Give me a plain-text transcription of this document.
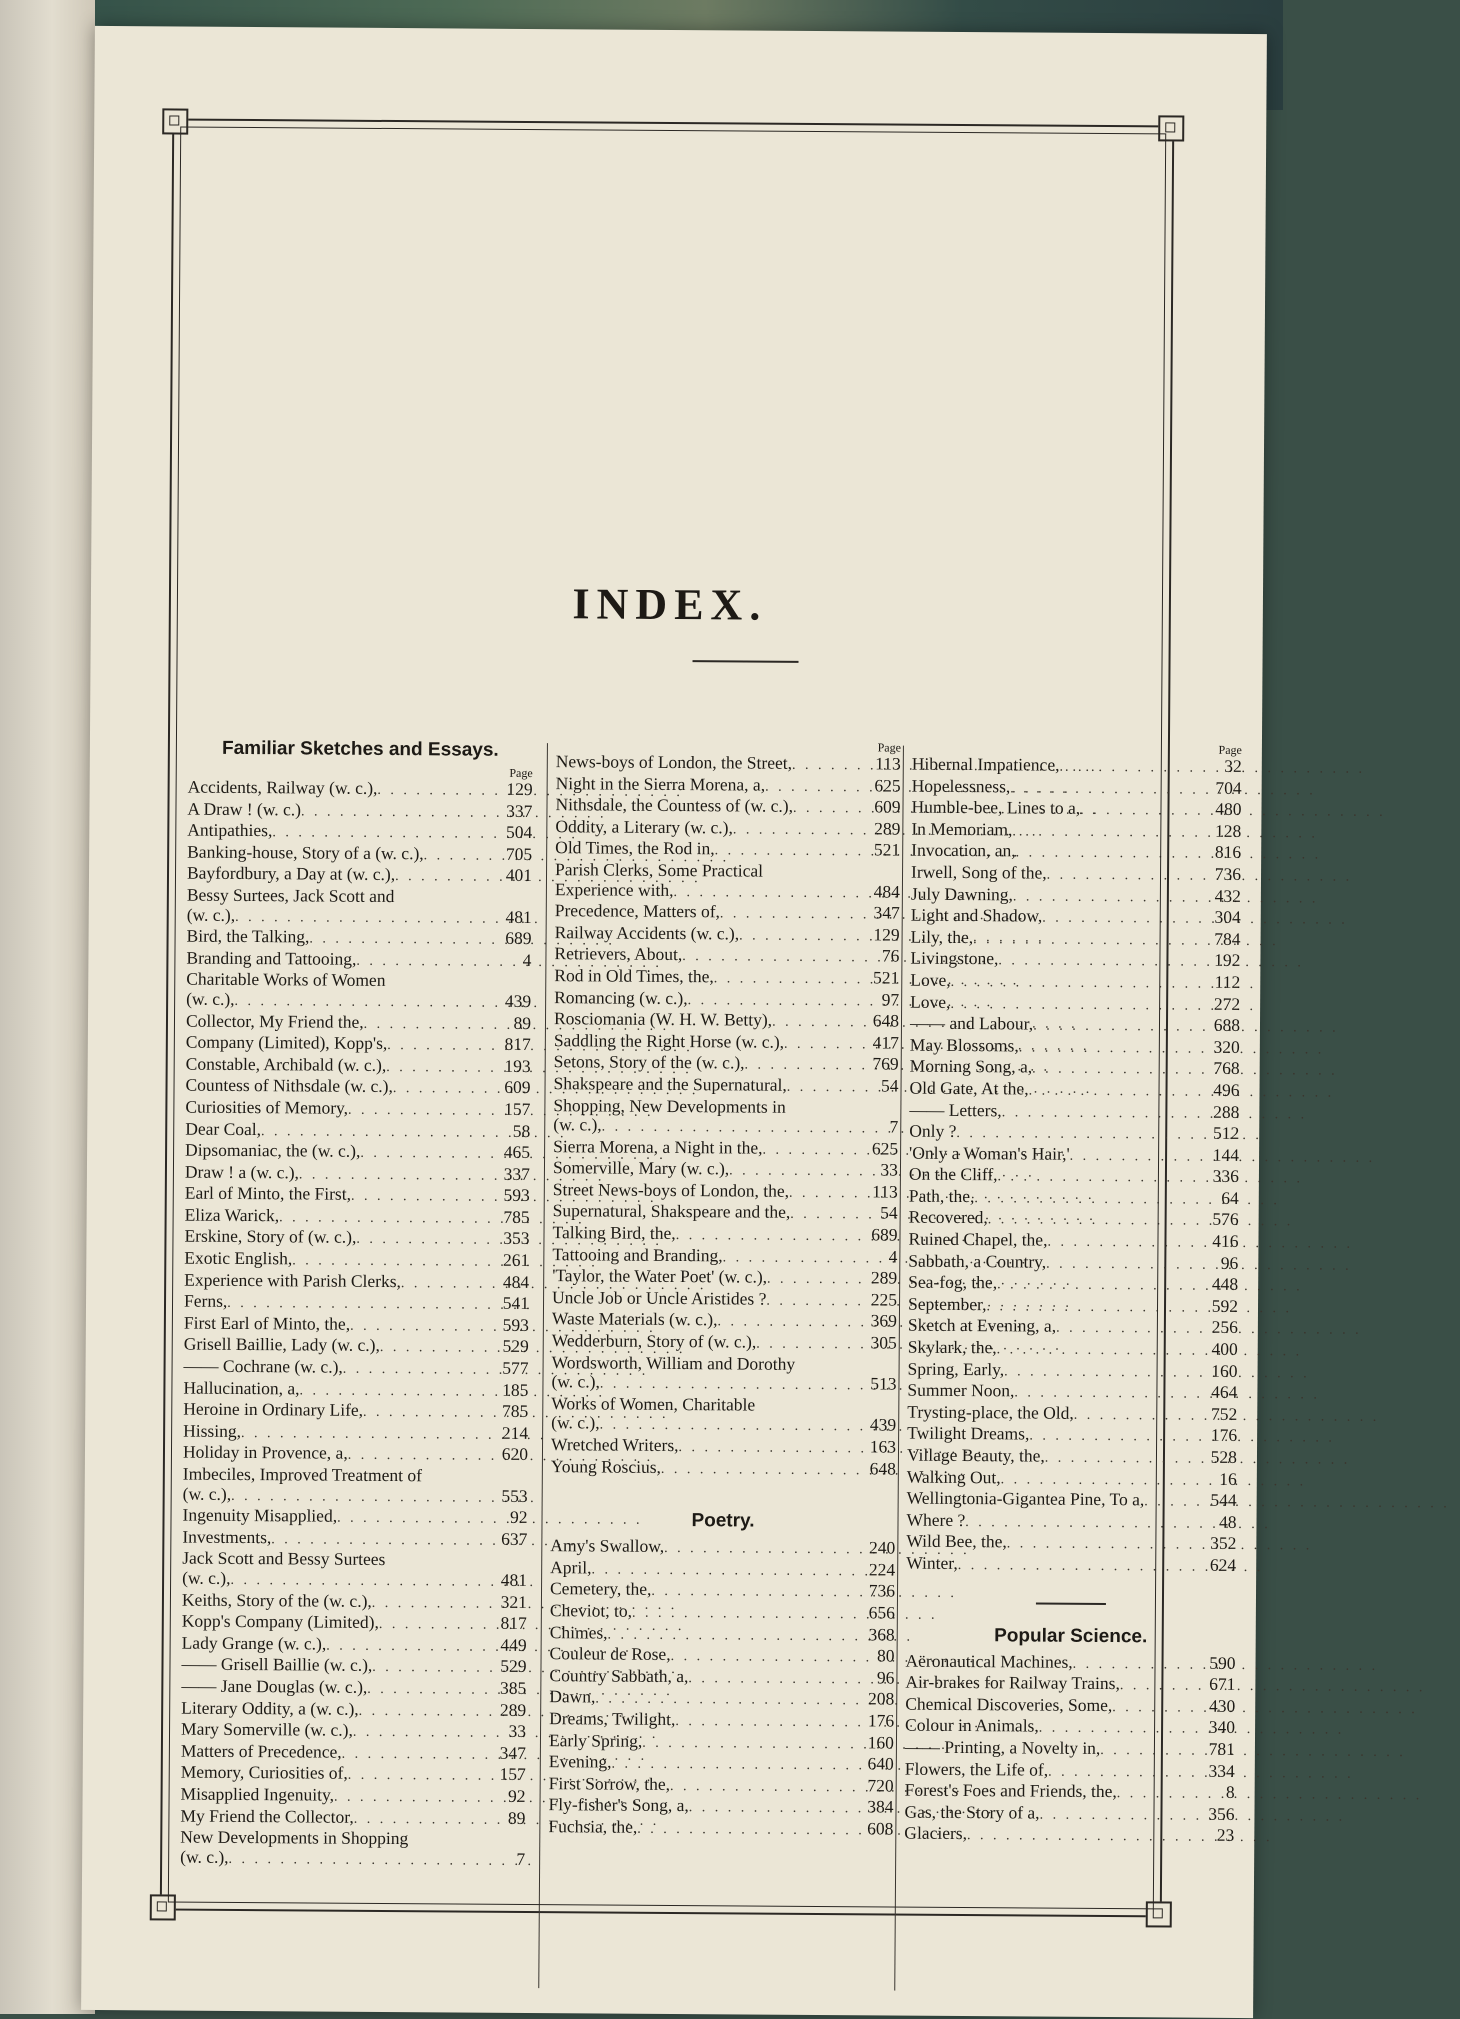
INDEX.
Familiar Sketches and Essays.
Page
Accidents, Railway (w. c.), . . .	129
A Draw ! (w. c.) . . .	337
Antipathies, . . .	504
Banking-house, Story of a (w. c.), . . .	705
Bayfordbury, a Day at (w. c.), . . .	401
Bessy Surtees, Jack Scott and
(w. c.), . . .	481
Bird, the Talking, . . .	689
Branding and Tattooing, . . .	4
Charitable Works of Women
(w. c.), . . .	439
Collector, My Friend the, . . .	89
Company (Limited), Kopp's, . . .	817
Constable, Archibald (w. c.), . . .	193
Countess of Nithsdale (w. c.), . . .	609
Curiosities of Memory, . . .	157
Dear Coal, . . .	58
Dipsomaniac, the (w. c.), . . .	465
Draw ! a (w. c.), . . .	337
Earl of Minto, the First, . . .	593
Eliza Warick, . . .	785
Erskine, Story of (w. c.), . . .	353
Exotic English, . . .	261
Experience with Parish Clerks, . . .	484
Ferns, . . .	541
First Earl of Minto, the, . . .	593
Grisell Baillie, Lady (w. c.), . . .	529
—— Cochrane (w. c.), . . .	577
Hallucination, a, . . .	185
Heroine in Ordinary Life, . . .	785
Hissing, . . .	214
Holiday in Provence, a, . . .	620
Imbeciles, Improved Treatment of
(w. c.), . . .	553
Ingenuity Misapplied, . . .	92
Investments, . . .	637
Jack Scott and Bessy Surtees
(w. c.), . . .	481
Keiths, Story of the (w. c.), . . .	321
Kopp's Company (Limited), . . .	817
Lady Grange (w. c.), . . .	449
—— Grisell Baillie (w. c.), . . .	529
—— Jane Douglas (w. c.), . . .	385
Literary Oddity, a (w. c.), . . .	289
Mary Somerville (w. c.), . . .	33
Matters of Precedence, . . .	347
Memory, Curiosities of, . . .	157
Misapplied Ingenuity, . . .	92
My Friend the Collector, . . .	89
New Developments in Shopping
(w. c.), . . .	7
Page
News-boys of London, the Street, . . .	113
Night in the Sierra Morena, a, . . .	625
Nithsdale, the Countess of (w. c.), . . .	609
Oddity, a Literary (w. c.), . . .	289
Old Times, the Rod in, . . .	521
Parish Clerks, Some Practical
Experience with, . . .	484
Precedence, Matters of, . . .	347
Railway Accidents (w. c.), . . .	129
Retrievers, About, . . .	76
Rod in Old Times, the, . . .	521
Romancing (w. c.), . . .	97
Rosciomania (W. H. W. Betty), . . .	648
Saddling the Right Horse (w. c.), . . .	417
Setons, Story of the (w. c.), . . .	769
Shakspeare and the Supernatural, . . .	54
Shopping, New Developments in
(w. c.), . . .	7
Sierra Morena, a Night in the, . . .	625
Somerville, Mary (w. c.), . . .	33
Street News-boys of London, the, . . .	113
Supernatural, Shakspeare and the, . . .	54
Talking Bird, the, . . .	689
Tattooing and Branding, . . .	4
'Taylor, the Water Poet' (w. c.), . . .	289
Uncle Job or Uncle Aristides ? . . .	225
Waste Materials (w. c.), . . .	369
Wedderburn, Story of (w. c.), . . .	305
Wordsworth, William and Dorothy
(w. c.), . . .	513
Works of Women, Charitable
(w. c.), . . .	439
Wretched Writers, . . .	163
Young Roscius, . . .	648
Poetry.
Amy's Swallow, . . .	240
April, . . .	224
Cemetery, the, . . .	736
Cheviot, to, . . .	656
Chimes, . . .	368
Couleur de Rose, . . .	80
Country Sabbath, a, . . .	96
Dawn, . . .	208
Dreams, Twilight, . . .	176
Early Spring, . . .	160
Evening, . . .	640
First Sorrow, the, . . .	720
Fly-fisher's Song, a, . . .	384
Fuchsia, the, . . .	608
Page
Hibernal Impatience, . . .	32
Hopelessness, . . .	704
Humble-bee, Lines to a, . . .	480
In Memoriam, . . .	128
Invocation, an, . . .	816
Irwell, Song of the, . . .	736
July Dawning, . . .	432
Light and Shadow, . . .	304
Lily, the, . . .	784
Livingstone, . . .	192
Love, . . .	112
Love, . . .	272
—— and Labour, . . .	688
May Blossoms, . . .	320
Morning Song, a, . . .	768
Old Gate, At the, . . .	496
—— Letters, . . .	288
Only ? . . .	512
'Only a Woman's Hair,' . . .	144
On the Cliff, . . .	336
Path, the, . . .	64
Recovered, . . .	576
Ruined Chapel, the, . . .	416
Sabbath, a Country, . . .	96
Sea-fog, the, . . .	448
September, . . .	592
Sketch at Evening, a, . . .	256
Skylark, the, . . .	400
Spring, Early, . . .	160
Summer Noon, . . .	464
Trysting-place, the Old, . . .	752
Twilight Dreams, . . .	176
Village Beauty, the, . . .	528
Walking Out, . . .	16
Wellingtonia-Gigantea Pine, To a, . . .	544
Where ? . . .	48
Wild Bee, the, . . .	352
Winter, . . .	624
Popular Science.
Aëronautical Machines, . . .	590
Air-brakes for Railway Trains, . . .	671
Chemical Discoveries, Some, . . .	430
Colour in Animals, . . .	340
—— Printing, a Novelty in, . . .	781
Flowers, the Life of, . . .	334
Forest's Foes and Friends, the, . . .	8
Gas, the Story of a, . . .	356
Glaciers, . . .	23
